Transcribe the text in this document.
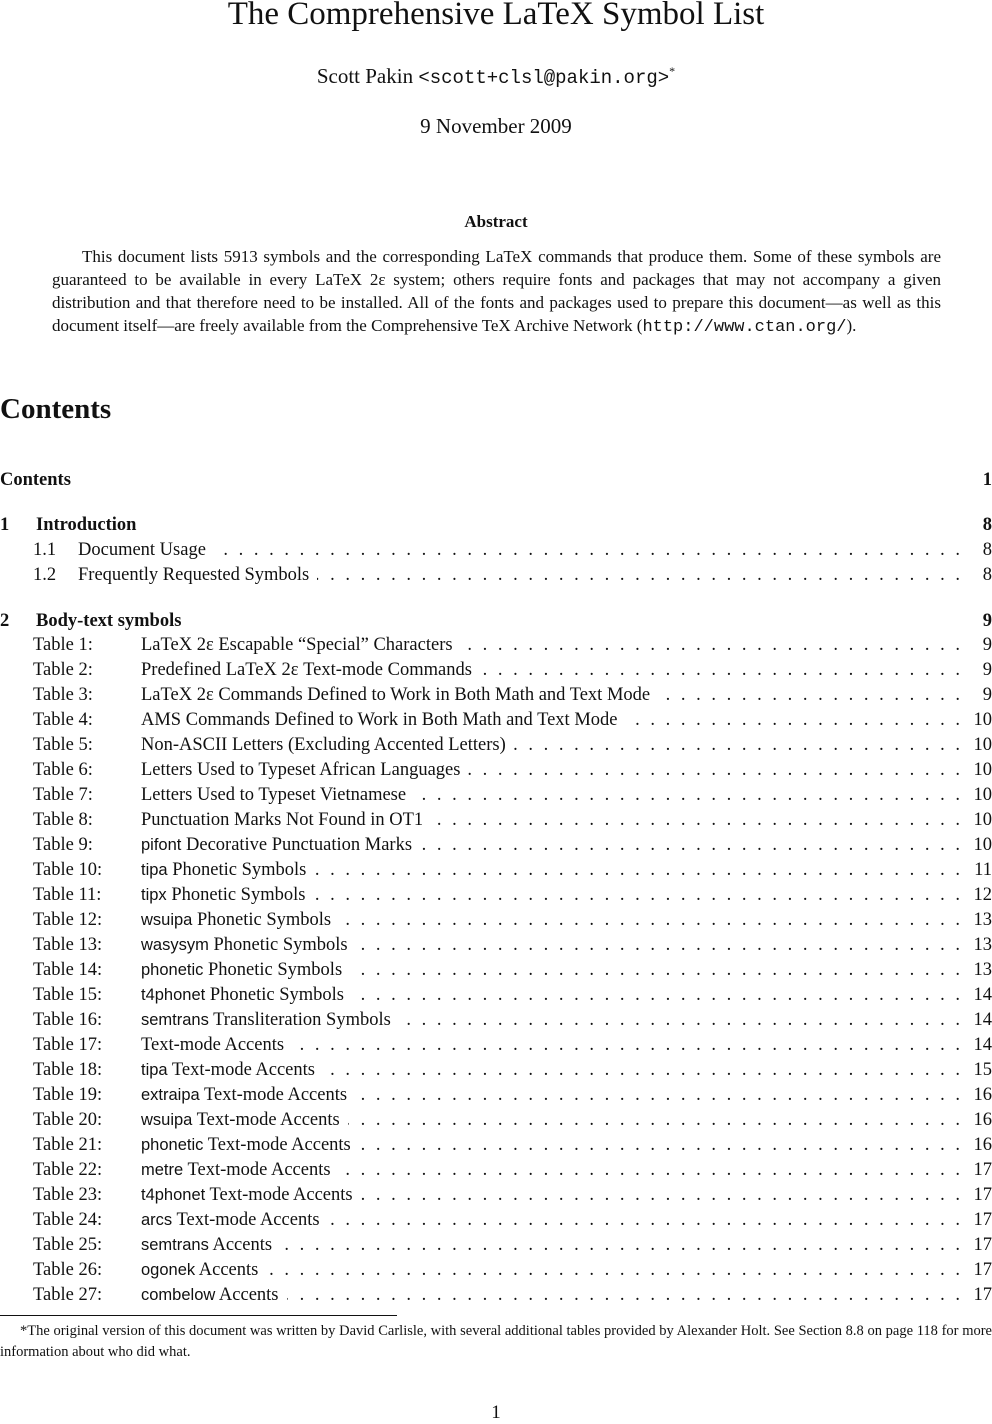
The Comprehensive LaTeX Symbol List
Scott Pakin <scott+clsl@pakin.org>*
9 November 2009
Abstract
This document lists 5913 symbols and the corresponding LaTeX commands that produce them. Some of these symbols are guaranteed to be available in every LaTeX 2ε system; others require fonts and packages that may not accompany a given distribution and that therefore need to be installed. All of the fonts and packages used to prepare this document—as well as this document itself—are freely available from the Comprehensive TeX Archive Network (http://www.ctan.org/).
Contents
Contents	1
1	Introduction	8
1.1	Document Usage . . .	8
1.2	Frequently Requested Symbols . . .	8
2	Body-text symbols	9
Table 1:	LaTeX 2ε Escapable “Special” Characters . . .	9
Table 2:	Predefined LaTeX 2ε Text-mode Commands . . .	9
Table 3:	LaTeX 2ε Commands Defined to Work in Both Math and Text Mode . . .	9
Table 4:	AMS Commands Defined to Work in Both Math and Text Mode . . .	10
Table 5:	Non-ASCII Letters (Excluding Accented Letters) . . .	10
Table 6:	Letters Used to Typeset African Languages . . .	10
Table 7:	Letters Used to Typeset Vietnamese . . .	10
Table 8:	Punctuation Marks Not Found in OT1 . . .	10
Table 9:	pifont Decorative Punctuation Marks . . .	10
Table 10:	tipa Phonetic Symbols . . .	11
Table 11:	tipx Phonetic Symbols . . .	12
Table 12:	wsuipa Phonetic Symbols . . .	13
Table 13:	wasysym Phonetic Symbols . . .	13
Table 14:	phonetic Phonetic Symbols . . .	13
Table 15:	t4phonet Phonetic Symbols . . .	14
Table 16:	semtrans Transliteration Symbols . . .	14
Table 17:	Text-mode Accents . . .	14
Table 18:	tipa Text-mode Accents . . .	15
Table 19:	extraipa Text-mode Accents . . .	16
Table 20:	wsuipa Text-mode Accents . . .	16
Table 21:	phonetic Text-mode Accents . . .	16
Table 22:	metre Text-mode Accents . . .	17
Table 23:	t4phonet Text-mode Accents . . .	17
Table 24:	arcs Text-mode Accents . . .	17
Table 25:	semtrans Accents . . .	17
Table 26:	ogonek Accents . . .	17
Table 27:	combelow Accents . . .	17
*The original version of this document was written by David Carlisle, with several additional tables provided by Alexander Holt. See Section 8.8 on page 118 for more information about who did what.
1
